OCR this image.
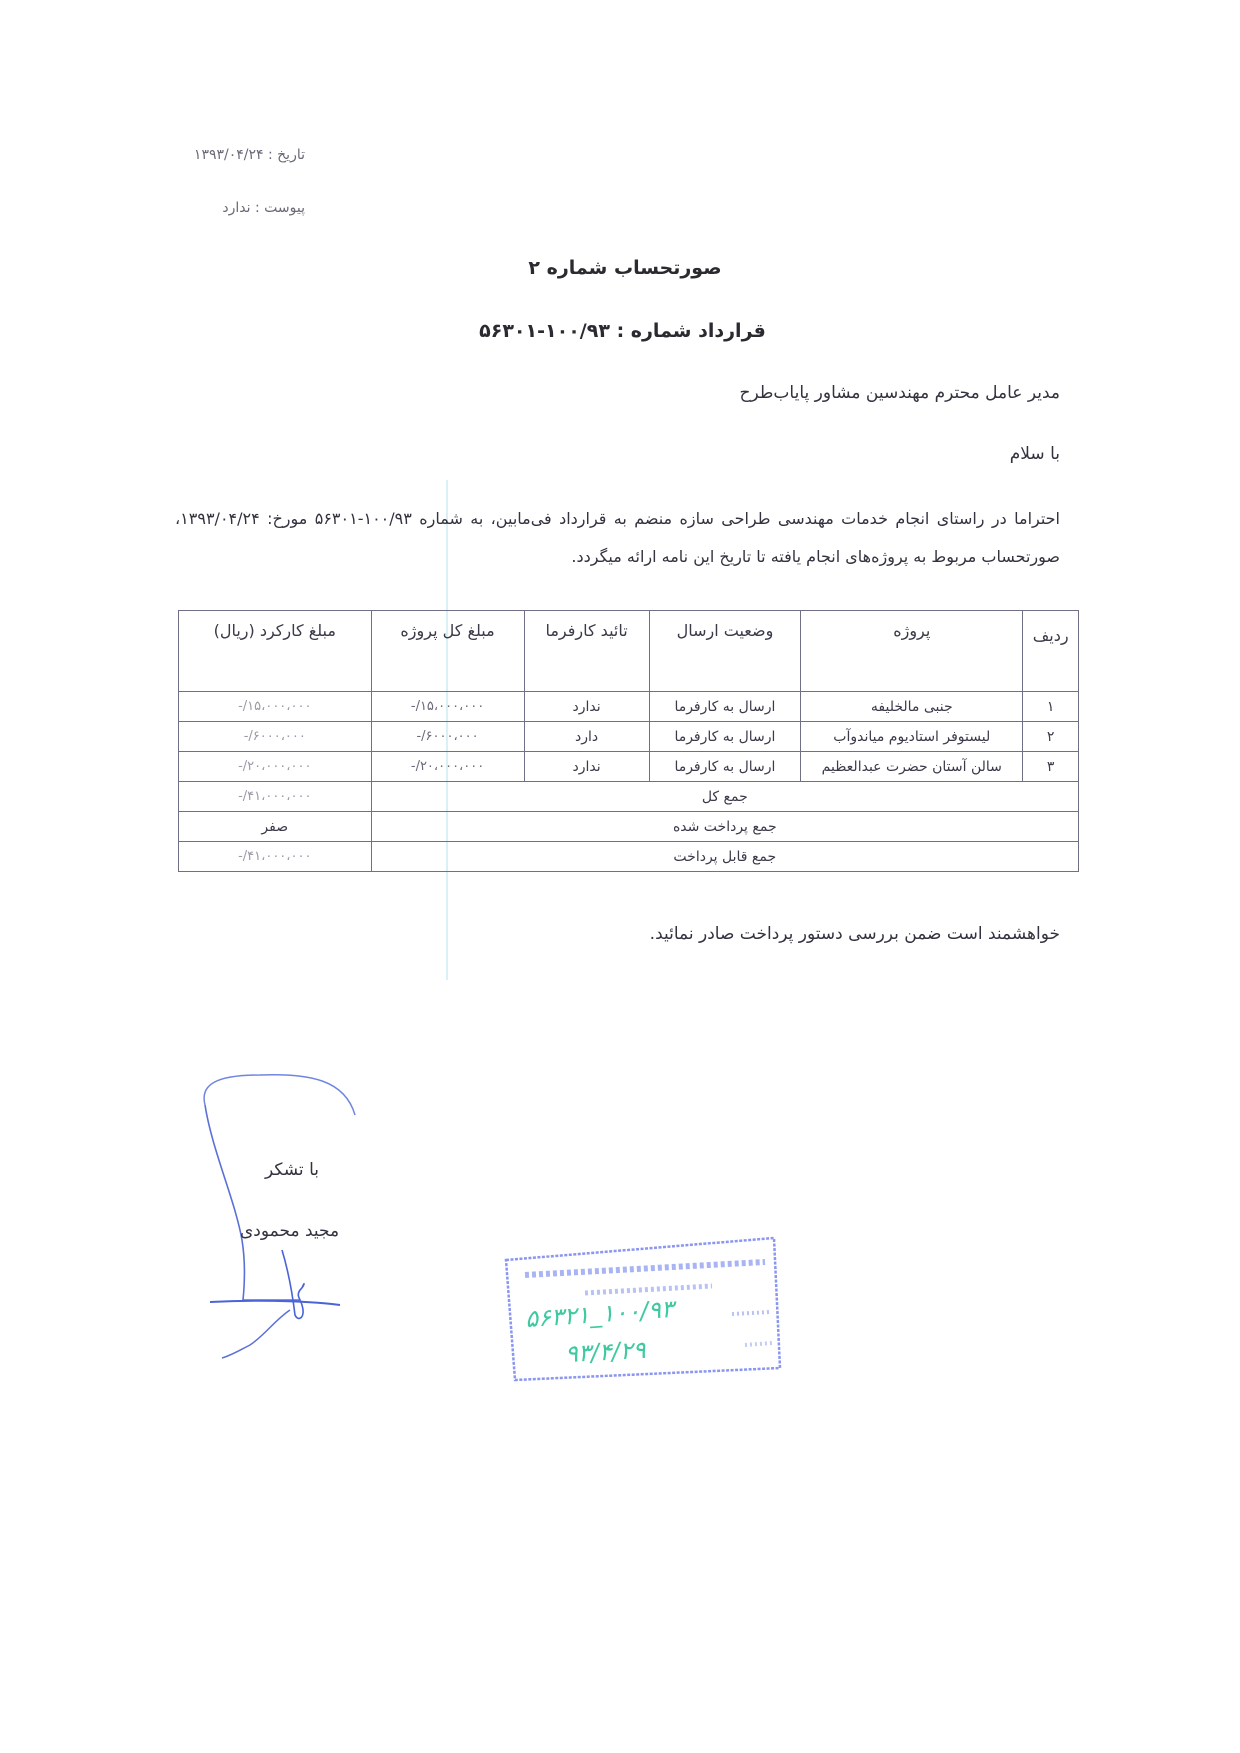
تاریخ : ۱۳۹۳/۰۴/۲۴
پیوست : ندارد
صورتحساب شماره ۲
قرارداد شماره : ۱۰۰/۹۳-۵۶۳۰۱
مدیر عامل محترم مهندسین مشاور پایاب‌طرح
با سلام
احتراما در راستای انجام خدمات مهندسی طراحی سازه منضم به قرارداد فی‌مابین، به شماره ۱۰۰/۹۳-۵۶۳۰۱ مورخ: ۱۳۹۳/۰۴/۲۴، صورتحساب مربوط به پروژه‌های انجام یافته تا تاریخ این نامه ارائه میگردد.
ردیف	پروژه	وضعیت ارسال	تائید کارفرما	مبلغ کل پروژه	مبلغ کارکرد (ریال)
۱	جنبی مالخلیفه	ارسال به کارفرما	ندارد	۱۵،۰۰۰،۰۰۰/-	۱۵،۰۰۰،۰۰۰/-
۲	لیستوفر استادیوم میاندوآب	ارسال به کارفرما	دارد	۶۰۰۰،۰۰۰/-	۶۰۰۰،۰۰۰/-
۳	سالن آستان حضرت عبدالعظیم	ارسال به کارفرما	ندارد	۲۰،۰۰۰،۰۰۰/-	۲۰،۰۰۰،۰۰۰/-
جمع کل					۴۱،۰۰۰،۰۰۰/-
جمع پرداخت شده					صفر
جمع قابل پرداخت					۴۱،۰۰۰،۰۰۰/-
خواهشمند است ضمن بررسی دستور پرداخت صادر نمائید.
۱۰۰/۹۳_۵۶۳۲۱
۹۳/۴/۲۹
با تشکر
مجید محمودی
